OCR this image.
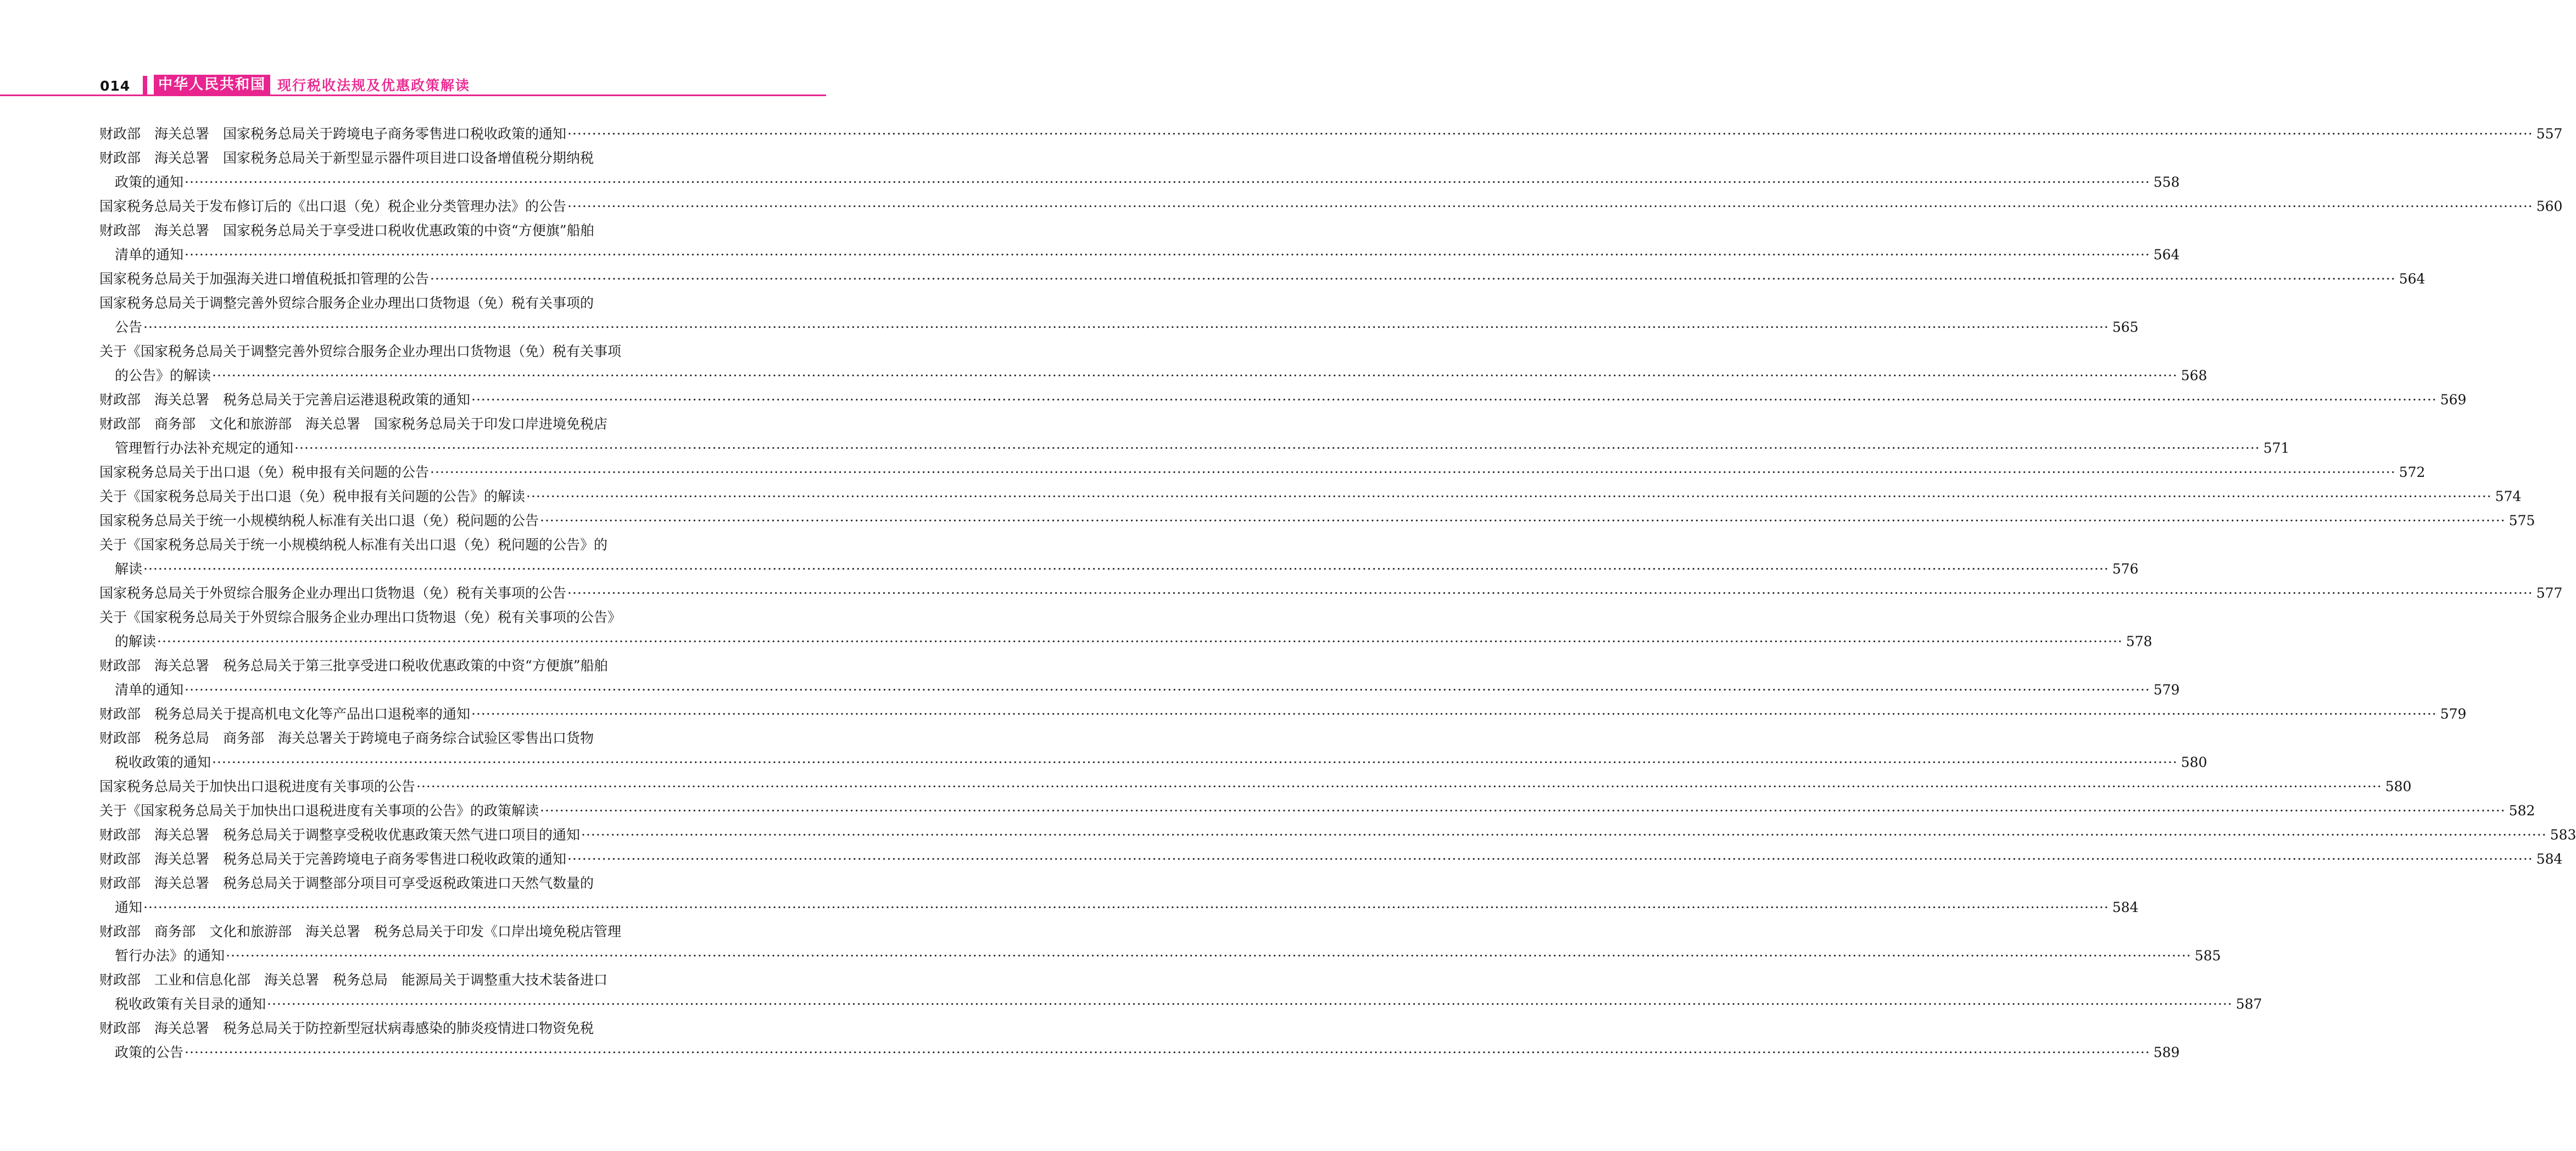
014	中华人民共和国 现行税收法规及优惠政策解读
财政部　海关总署　国家税务总局关于跨境电子商务零售进口税收政策的通知 ················································································································································································································································································································································································································ 557
财政部　海关总署　国家税务总局关于新型显示器件项目进口设备增值税分期纳税
政策的通知 ················································································································································································································································································································································································································ 558
国家税务总局关于发布修订后的《出口退（免）税企业分类管理办法》的公告 ················································································································································································································································································································································································································ 560
财政部　海关总署　国家税务总局关于享受进口税收优惠政策的中资“方便旗”船舶
清单的通知 ················································································································································································································································································································································································································ 564
国家税务总局关于加强海关进口增值税抵扣管理的公告 ················································································································································································································································································································································································································ 564
国家税务总局关于调整完善外贸综合服务企业办理出口货物退（免）税有关事项的
公告 ················································································································································································································································································································································································································ 565
关于《国家税务总局关于调整完善外贸综合服务企业办理出口货物退（免）税有关事项
的公告》的解读 ················································································································································································································································································································································································································ 568
财政部　海关总署　税务总局关于完善启运港退税政策的通知 ················································································································································································································································································································································································································ 569
财政部　商务部　文化和旅游部　海关总署　国家税务总局关于印发口岸进境免税店
管理暂行办法补充规定的通知 ················································································································································································································································································································································································································ 571
国家税务总局关于出口退（免）税申报有关问题的公告 ················································································································································································································································································································································································································ 572
关于《国家税务总局关于出口退（免）税申报有关问题的公告》的解读 ················································································································································································································································································································································································································ 574
国家税务总局关于统一小规模纳税人标准有关出口退（免）税问题的公告 ················································································································································································································································································································································································································ 575
关于《国家税务总局关于统一小规模纳税人标准有关出口退（免）税问题的公告》的
解读 ················································································································································································································································································································································································································ 576
国家税务总局关于外贸综合服务企业办理出口货物退（免）税有关事项的公告 ················································································································································································································································································································································································································ 577
关于《国家税务总局关于外贸综合服务企业办理出口货物退（免）税有关事项的公告》
的解读 ················································································································································································································································································································································································································ 578
财政部　海关总署　税务总局关于第三批享受进口税收优惠政策的中资“方便旗”船舶
清单的通知 ················································································································································································································································································································································································································ 579
财政部　税务总局关于提高机电文化等产品出口退税率的通知 ················································································································································································································································································································································································································ 579
财政部　税务总局　商务部　海关总署关于跨境电子商务综合试验区零售出口货物
税收政策的通知 ················································································································································································································································································································································································································ 580
国家税务总局关于加快出口退税进度有关事项的公告 ················································································································································································································································································································································································································ 580
关于《国家税务总局关于加快出口退税进度有关事项的公告》的政策解读 ················································································································································································································································································································································································································ 582
财政部　海关总署　税务总局关于调整享受税收优惠政策天然气进口项目的通知 ················································································································································································································································································································································································································ 583
财政部　海关总署　税务总局关于完善跨境电子商务零售进口税收政策的通知 ················································································································································································································································································································································································································ 584
财政部　海关总署　税务总局关于调整部分项目可享受返税政策进口天然气数量的
通知 ················································································································································································································································································································································································································ 584
财政部　商务部　文化和旅游部　海关总署　税务总局关于印发《口岸出境免税店管理
暂行办法》的通知 ················································································································································································································································································································································································································ 585
财政部　工业和信息化部　海关总署　税务总局　能源局关于调整重大技术装备进口
税收政策有关目录的通知 ················································································································································································································································································································································································································ 587
财政部　海关总署　税务总局关于防控新型冠状病毒感染的肺炎疫情进口物资免税
政策的公告 ················································································································································································································································································································································································································ 589
